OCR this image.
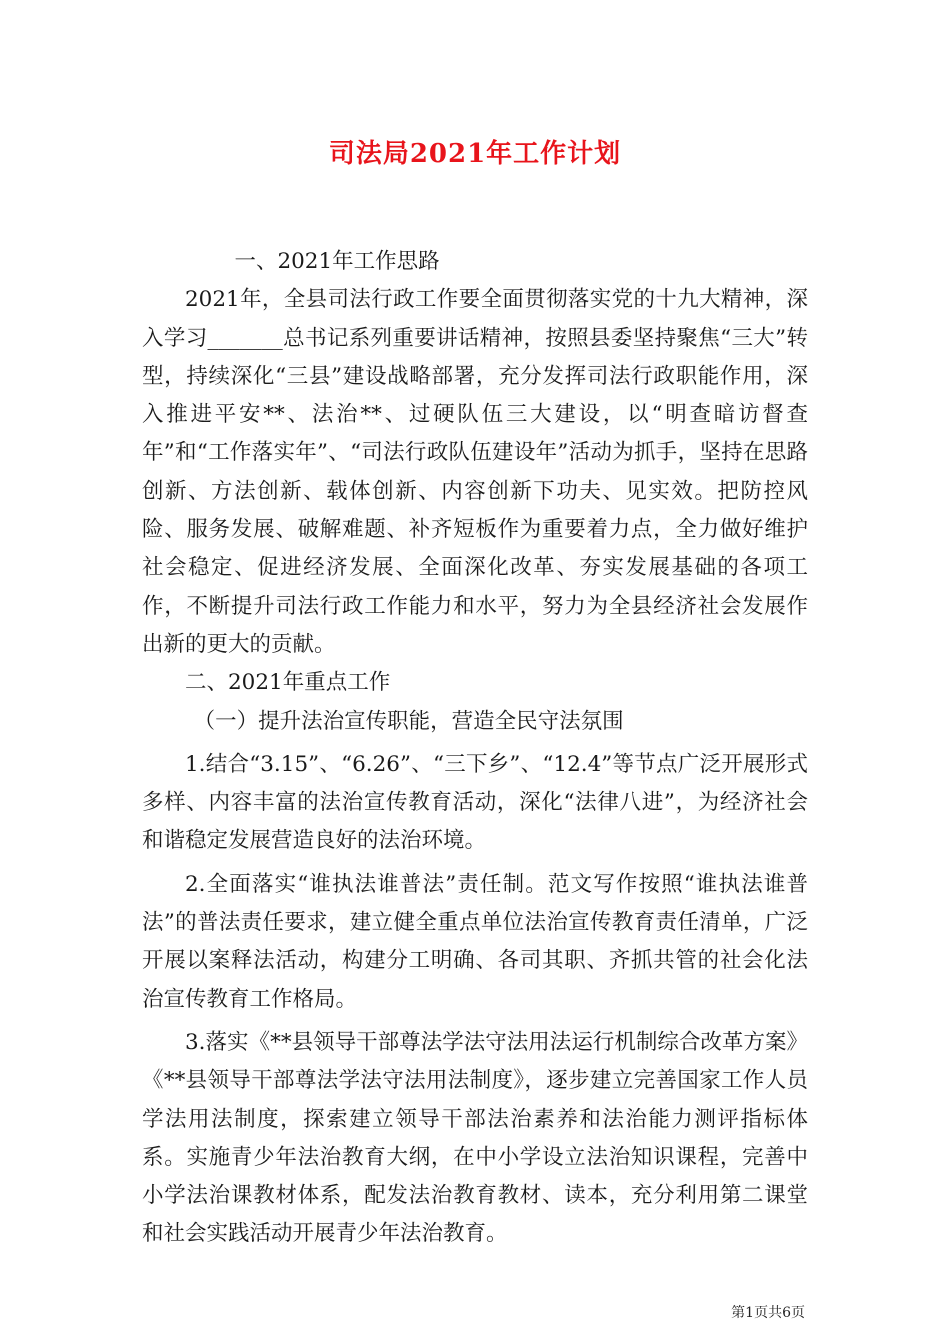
司法局2021年工作计划

一、2021年工作思路

2021年，全县司法行政工作要全面贯彻落实党的十九大精神，深入学习_______总书记系列重要讲话精神，按照县委坚持聚焦“三大”转型，持续深化“三县”建设战略部署，充分发挥司法行政职能作用，深入推进平安**、法治**、过硬队伍三大建设，以“明查暗访督查年”和“工作落实年”、“司法行政队伍建设年”活动为抓手，坚持在思路创新、方法创新、载体创新、内容创新下功夫、见实效。把防控风险、服务发展、破解难题、补齐短板作为重要着力点，全力做好维护社会稳定、促进经济发展、全面深化改革、夯实发展基础的各项工作，不断提升司法行政工作能力和水平，努力为全县经济社会发展作出新的更大的贡献。

二、2021年重点工作

（一）提升法治宣传职能，营造全民守法氛围

1.结合“3.15”、“6.26”、“三下乡”、“12.4”等节点广泛开展形式多样、内容丰富的法治宣传教育活动，深化“法律八进”，为经济社会和谐稳定发展营造良好的法治环境。

2.全面落实“谁执法谁普法”责任制。范文写作按照“谁执法谁普法”的普法责任要求，建立健全重点单位法治宣传教育责任清单，广泛开展以案释法活动，构建分工明确、各司其职、齐抓共管的社会化法治宣传教育工作格局。

3.落实《**县领导干部尊法学法守法用法运行机制综合改革方案》《**县领导干部尊法学法守法用法制度》，逐步建立完善国家工作人员学法用法制度，探索建立领导干部法治素养和法治能力测评指标体系。实施青少年法治教育大纲，在中小学设立法治知识课程，完善中小学法治课教材体系，配发法治教育教材、读本，充分利用第二课堂和社会实践活动开展青少年法治教育。

第1页共6页
